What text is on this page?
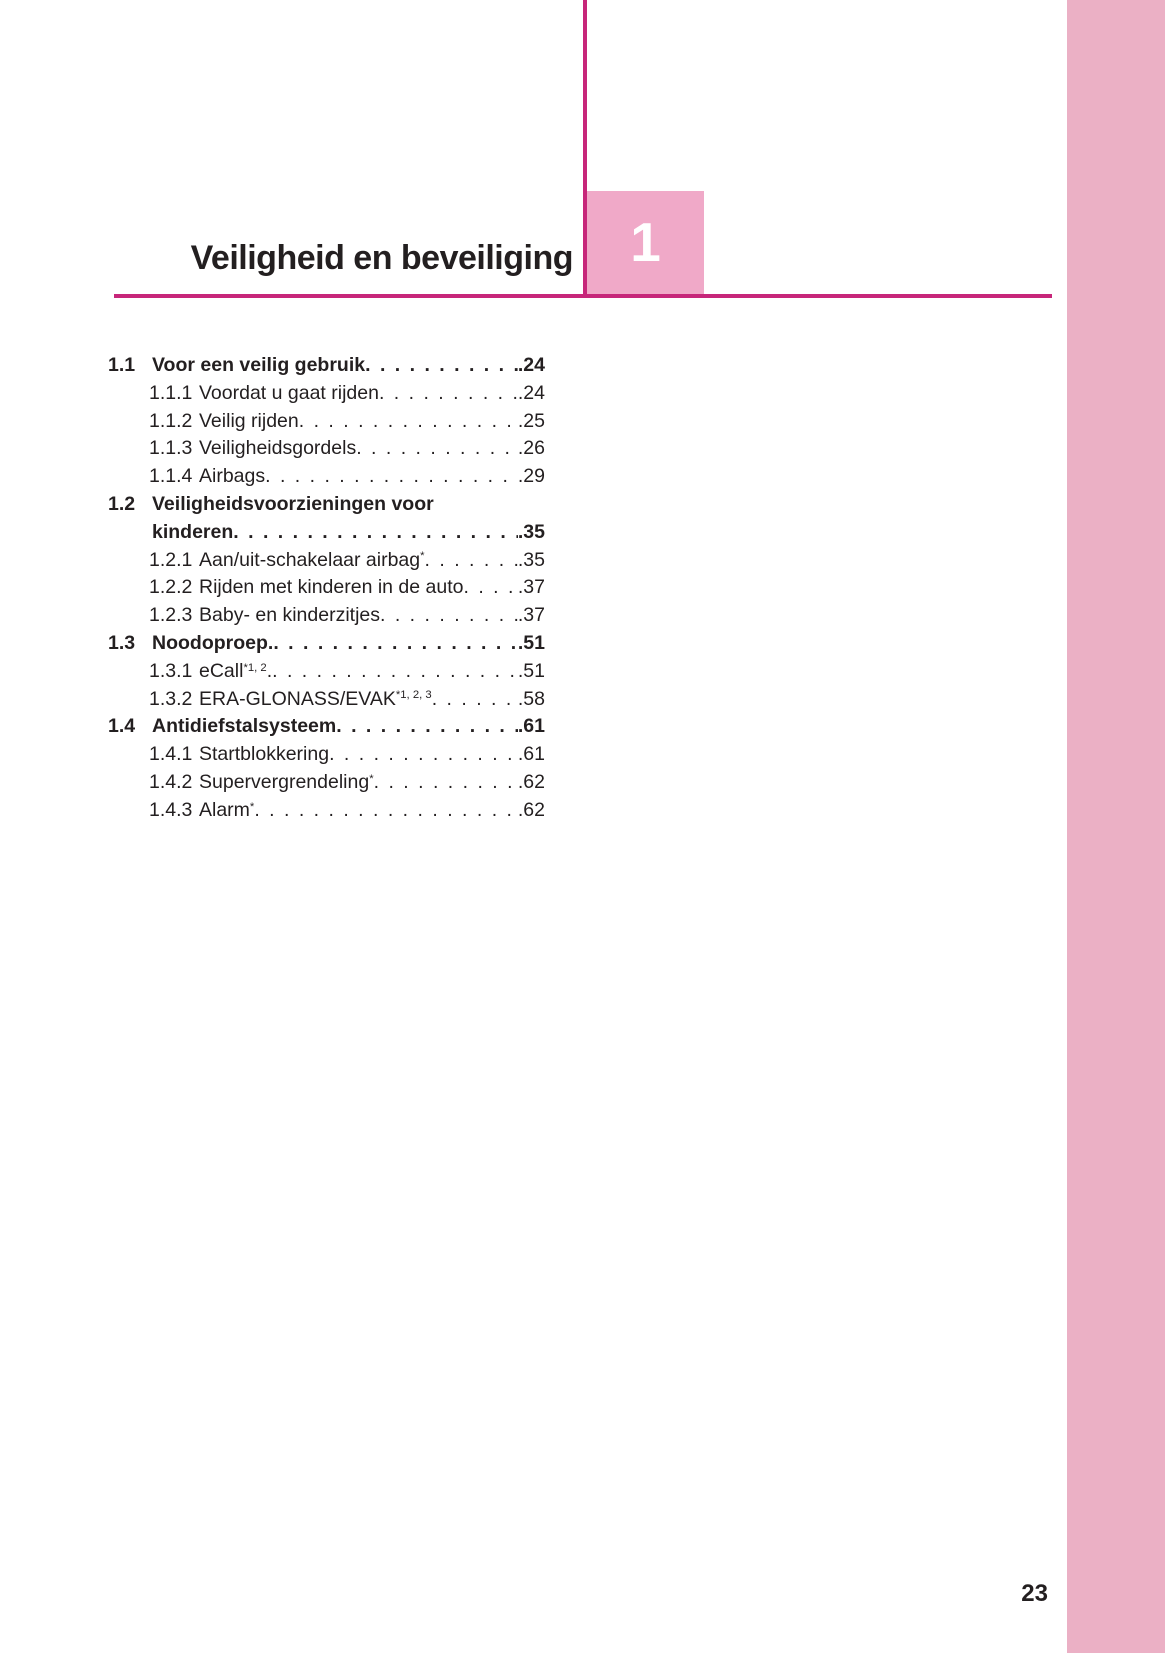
1
Veiligheid en beveiliging
1.1 Voor een veilig gebruik . . .	.24
1.1.1 Voordat u gaat rijden . . .	.24
1.1.2 Veilig rijden . . .	.25
1.1.3 Veiligheidsgordels . . .	.26
1.1.4 Airbags . . .	.29
1.2 Veiligheidsvoorzieningen voor
kinderen . . .	.35
1.2.1 Aan/uit-schakelaar airbag* . . .	.35
1.2.2 Rijden met kinderen in de auto . . .	.37
1.2.3 Baby- en kinderzitjes . . .	.37
1.3 Noodoproep. . . .	.51
1.3.1 eCall$^{*1, 2}$. . . .	.51
1.3.2 ERA-GLONASS/EVAK$^{*1, 2, 3}$ . . .	.58
1.4 Antidiefstalsysteem . . .	.61
1.4.1 Startblokkering . . .	.61
1.4.2 Supervergrendeling* . . .	.62
1.4.3 Alarm* . . .	.62
23
